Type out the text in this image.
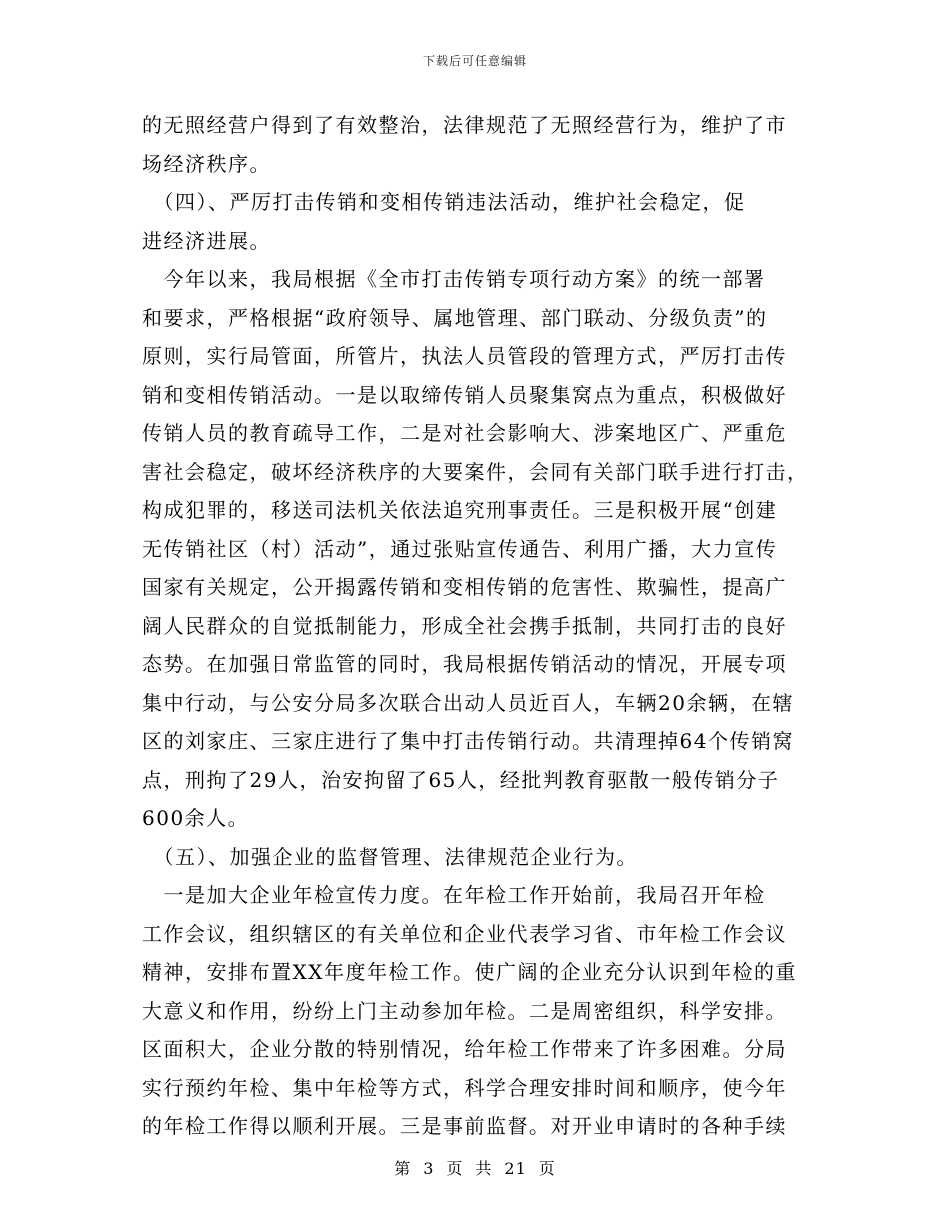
下载后可任意编辑
的无照经营户得到了有效整治，法律规范了无照经营行为，维护了市
场经济秩序。
　（四）、严厉打击传销和变相传销违法活动，维护社会稳定，促
进经济进展。
　今年以来，我局根据《全市打击传销专项行动方案》的统一部署
和要求，严格根据“政府领导、属地管理、部门联动、分级负责”的
原则，实行局管面，所管片，执法人员管段的管理方式，严厉打击传
销和变相传销活动。一是以取缔传销人员聚集窝点为重点，积极做好
传销人员的教育疏导工作，二是对社会影响大、涉案地区广、严重危
害社会稳定，破坏经济秩序的大要案件，会同有关部门联手进行打击，
构成犯罪的，移送司法机关依法追究刑事责任。三是积极开展“创建
无传销社区（村）活动”，通过张贴宣传通告、利用广播，大力宣传
国家有关规定，公开揭露传销和变相传销的危害性、欺骗性，提高广
阔人民群众的自觉抵制能力，形成全社会携手抵制，共同打击的良好
态势。在加强日常监管的同时，我局根据传销活动的情况，开展专项
集中行动，与公安分局多次联合出动人员近百人，车辆20余辆，在辖
区的刘家庄、三家庄进行了集中打击传销行动。共清理掉64个传销窝
点，刑拘了29人，治安拘留了65人，经批判教育驱散一般传销分子
600余人。
　（五）、加强企业的监督管理、法律规范企业行为。
　一是加大企业年检宣传力度。在年检工作开始前，我局召开年检
工作会议，组织辖区的有关单位和企业代表学习省、市年检工作会议
精神，安排布置XX年度年检工作。使广阔的企业充分认识到年检的重
大意义和作用，纷纷上门主动参加年检。二是周密组织，科学安排。
区面积大，企业分散的特别情况，给年检工作带来了许多困难。分局
实行预约年检、集中年检等方式，科学合理安排时间和顺序，使今年
的年检工作得以顺利开展。三是事前监督。对开业申请时的各种手续
第 3 页 共 21 页
